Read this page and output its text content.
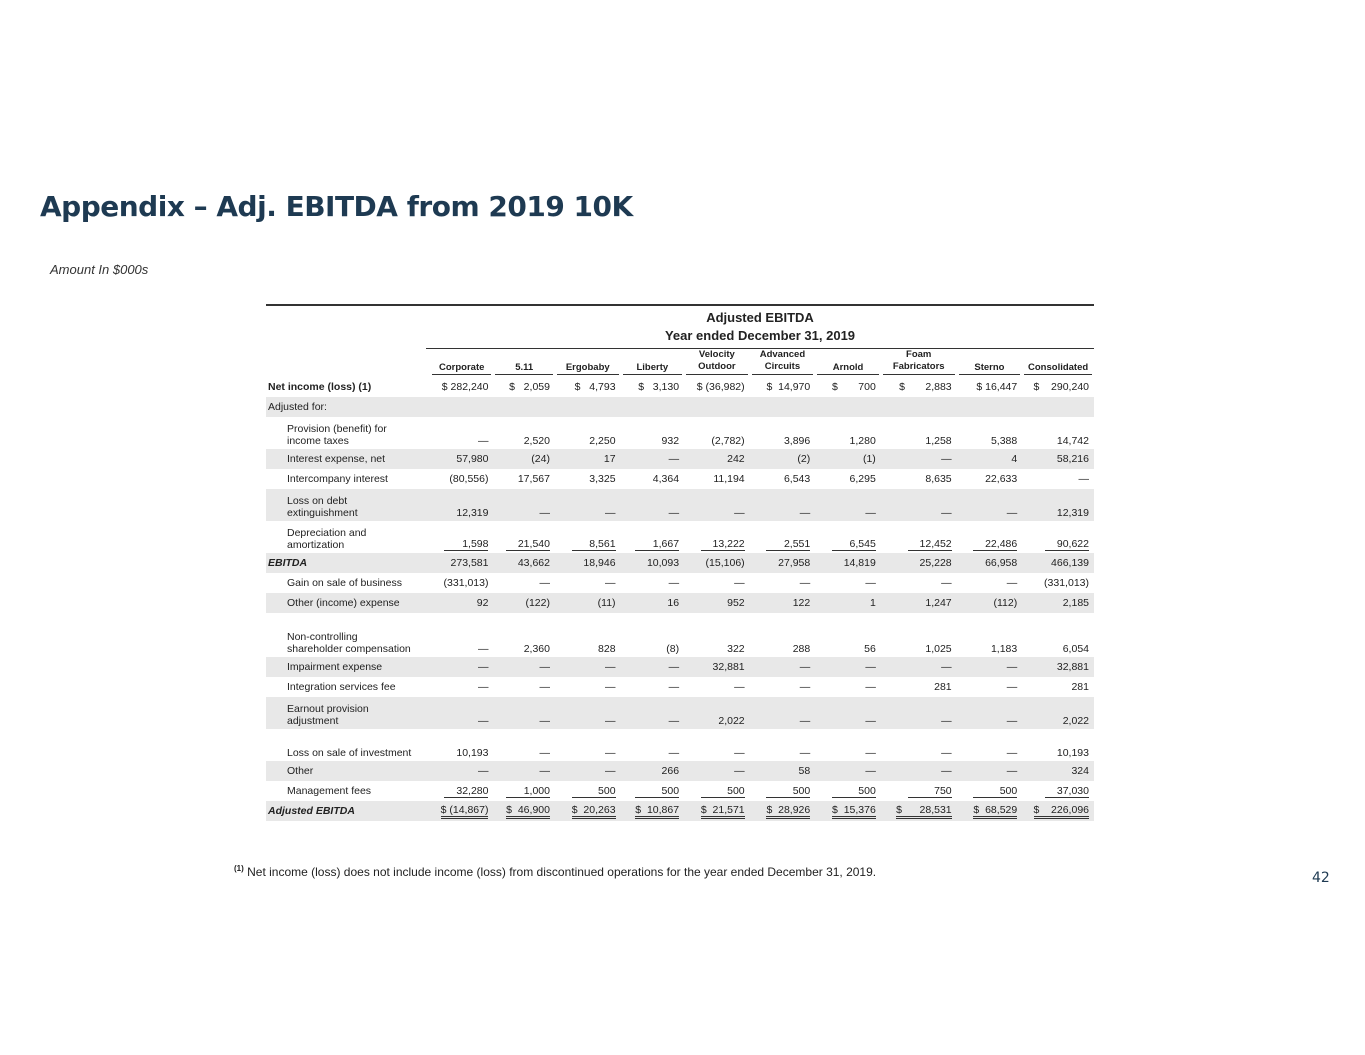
Appendix – Adj. EBITDA from 2019 10K
Amount In $000s
Adjusted EBITDA
Year ended December 31, 2019
	Corporate	5.11	Ergobaby	Liberty	Velocity Outdoor	Advanced Circuits	Arnold	Foam Fabricators	Sterno	Consolidated
Net income (loss) (1)	$ 282,240	$   2,059	$   4,793	$   3,130	$ (36,982)	$  14,970	$       700	$       2,883	$ 16,447	$    290,240
Adjusted for:										
Provision (benefit) for income taxes	—	2,520	2,250	932	(2,782)	3,896	1,280	1,258	5,388	14,742
Interest expense, net	57,980	(24)	17	—	242	(2)	(1)	—	4	58,216
Intercompany interest	(80,556)	17,567	3,325	4,364	11,194	6,543	6,295	8,635	22,633	—
Loss on debt extinguishment	12,319	—	—	—	—	—	—	—	—	12,319
Depreciation and amortization	1,598	21,540	8,561	1,667	13,222	2,551	6,545	12,452	22,486	90,622
EBITDA	273,581	43,662	18,946	10,093	(15,106)	27,958	14,819	25,228	66,958	466,139
Gain on sale of business	(331,013)	—	—	—	—	—	—	—	—	(331,013)
Other (income) expense	92	(122)	(11)	16	952	122	1	1,247	(112)	2,185
Non-controlling shareholder compensation	—	2,360	828	(8)	322	288	56	1,025	1,183	6,054
Impairment expense	—	—	—	—	32,881	—	—	—	—	32,881
Integration services fee	—	—	—	—	—	—	—	281	—	281
Earnout provision adjustment	—	—	—	—	2,022	—	—	—	—	2,022
Loss on sale of investment	10,193	—	—	—	—	—	—	—	—	10,193
Other	—	—	—	266	—	58	—	—	—	324
Management fees	32,280	1,000	500	500	500	500	500	750	500	37,030
Adjusted EBITDA	$ (14,867)	$  46,900	$  20,263	$  10,867	$  21,571	$  28,926	$  15,376	$      28,531	$  68,529	$    226,096
$^{(1)}$ Net income (loss) does not include income (loss) from discontinued operations for the year ended December 31, 2019.	42
